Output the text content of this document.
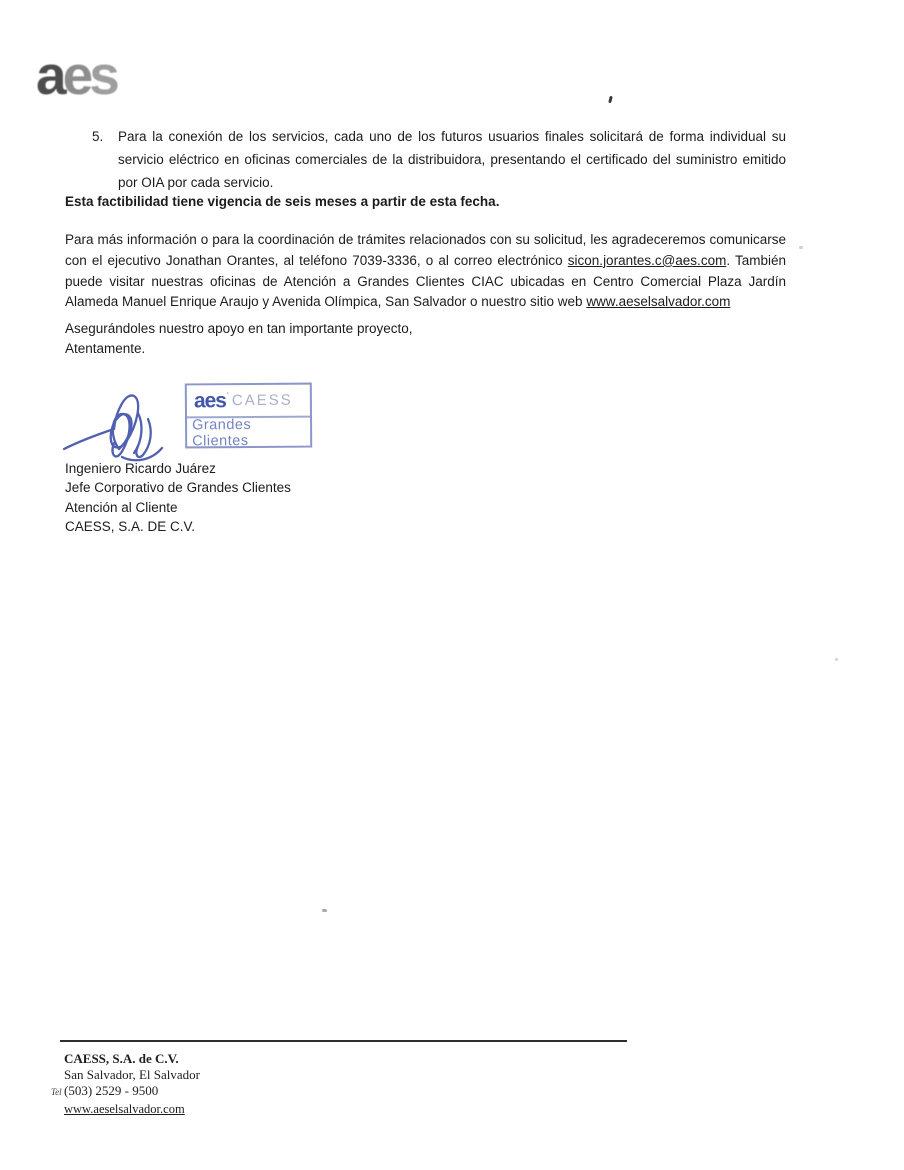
aes
5.	Para la conexión de los servicios, cada uno de los futuros usuarios finales solicitará de forma individual su servicio eléctrico en oficinas comerciales de la distribuidora, presentando el certificado del suministro emitido por OIA por cada servicio.

Esta factibilidad tiene vigencia de seis meses a partir de esta fecha.

Para más información o para la coordinación de trámites relacionados con su solicitud, les agradeceremos comunicarse con el ejecutivo Jonathan Orantes, al teléfono 7039-3336, o al correo electrónico sicon.jorantes.c@aes.com. También puede visitar nuestras oficinas de Atención a Grandes Clientes CIAC ubicadas en Centro Comercial Plaza Jardín Alameda Manuel Enrique Araujo y Avenida Olímpica, San Salvador o nuestro sitio web www.aeselsalvador.com

Asegurándoles nuestro apoyo en tan importante proyecto,

Atentamente.

aes ' CAESS
Grandes Clientes
Ingeniero Ricardo Juárez
Jefe Corporativo de Grandes Clientes
Atención al Cliente
CAESS, S.A. DE C.V.

CAESS, S.A. de C.V.

San Salvador, El Salvador

Tel (503) 2529 - 9500

www.aeselsalvador.com
